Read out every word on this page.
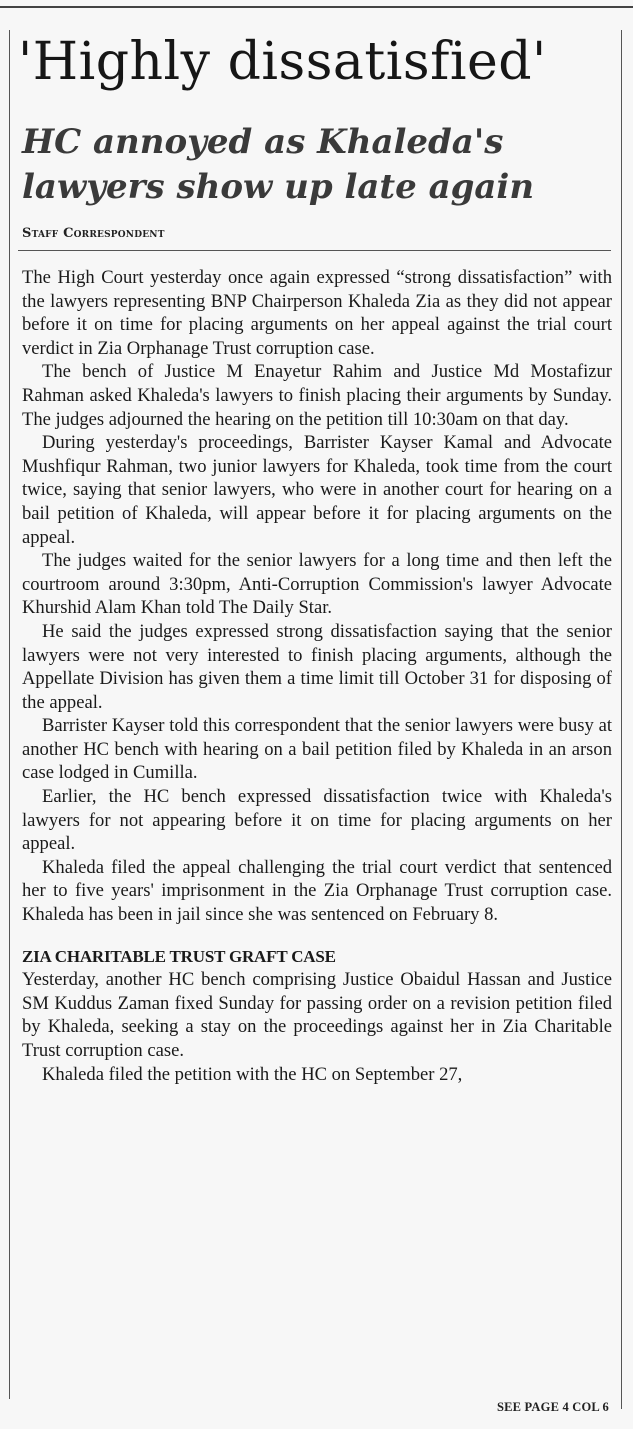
'Highly dissatisfied'
HC annoyed as Khaleda's lawyers show up late again
Staff Correspondent

The High Court yesterday once again expressed “strong dissatisfaction” with the lawyers representing BNP Chairperson Khaleda Zia as they did not appear before it on time for placing arguments on her appeal against the trial court verdict in Zia Orphanage Trust corruption case.

The bench of Justice M Enayetur Rahim and Justice Md Mostafizur Rahman asked Khaleda's lawyers to finish placing their arguments by Sunday. The judges adjourned the hearing on the petition till 10:30am on that day.

During yesterday's proceedings, Barrister Kayser Kamal and Advocate Mushfiqur Rahman, two junior lawyers for Khaleda, took time from the court twice, saying that senior lawyers, who were in another court for hearing on a bail petition of Khaleda, will appear before it for placing arguments on the appeal.

The judges waited for the senior lawyers for a long time and then left the courtroom around 3:30pm, Anti-Corruption Commission's lawyer Advocate Khurshid Alam Khan told The Daily Star.

He said the judges expressed strong dissatisfaction saying that the senior lawyers were not very interested to finish placing arguments, although the Appellate Division has given them a time limit till October 31 for disposing of the appeal.

Barrister Kayser told this correspondent that the senior lawyers were busy at another HC bench with hearing on a bail petition filed by Khaleda in an arson case lodged in Cumilla.

Earlier, the HC bench expressed dissatisfaction twice with Khaleda's lawyers for not appearing before it on time for placing arguments on her appeal.

Khaleda filed the appeal challenging the trial court verdict that sentenced her to five years' imprisonment in the Zia Orphanage Trust corruption case. Khaleda has been in jail since she was sentenced on February 8.

ZIA CHARITABLE TRUST GRAFT CASE

Yesterday, another HC bench comprising Justice Obaidul Hassan and Justice SM Kuddus Zaman fixed Sunday for passing order on a revision petition filed by Khaleda, seeking a stay on the proceedings against her in Zia Charitable Trust corruption case.

Khaleda filed the petition with the HC on September 27,

SEE PAGE 4 COL 6
